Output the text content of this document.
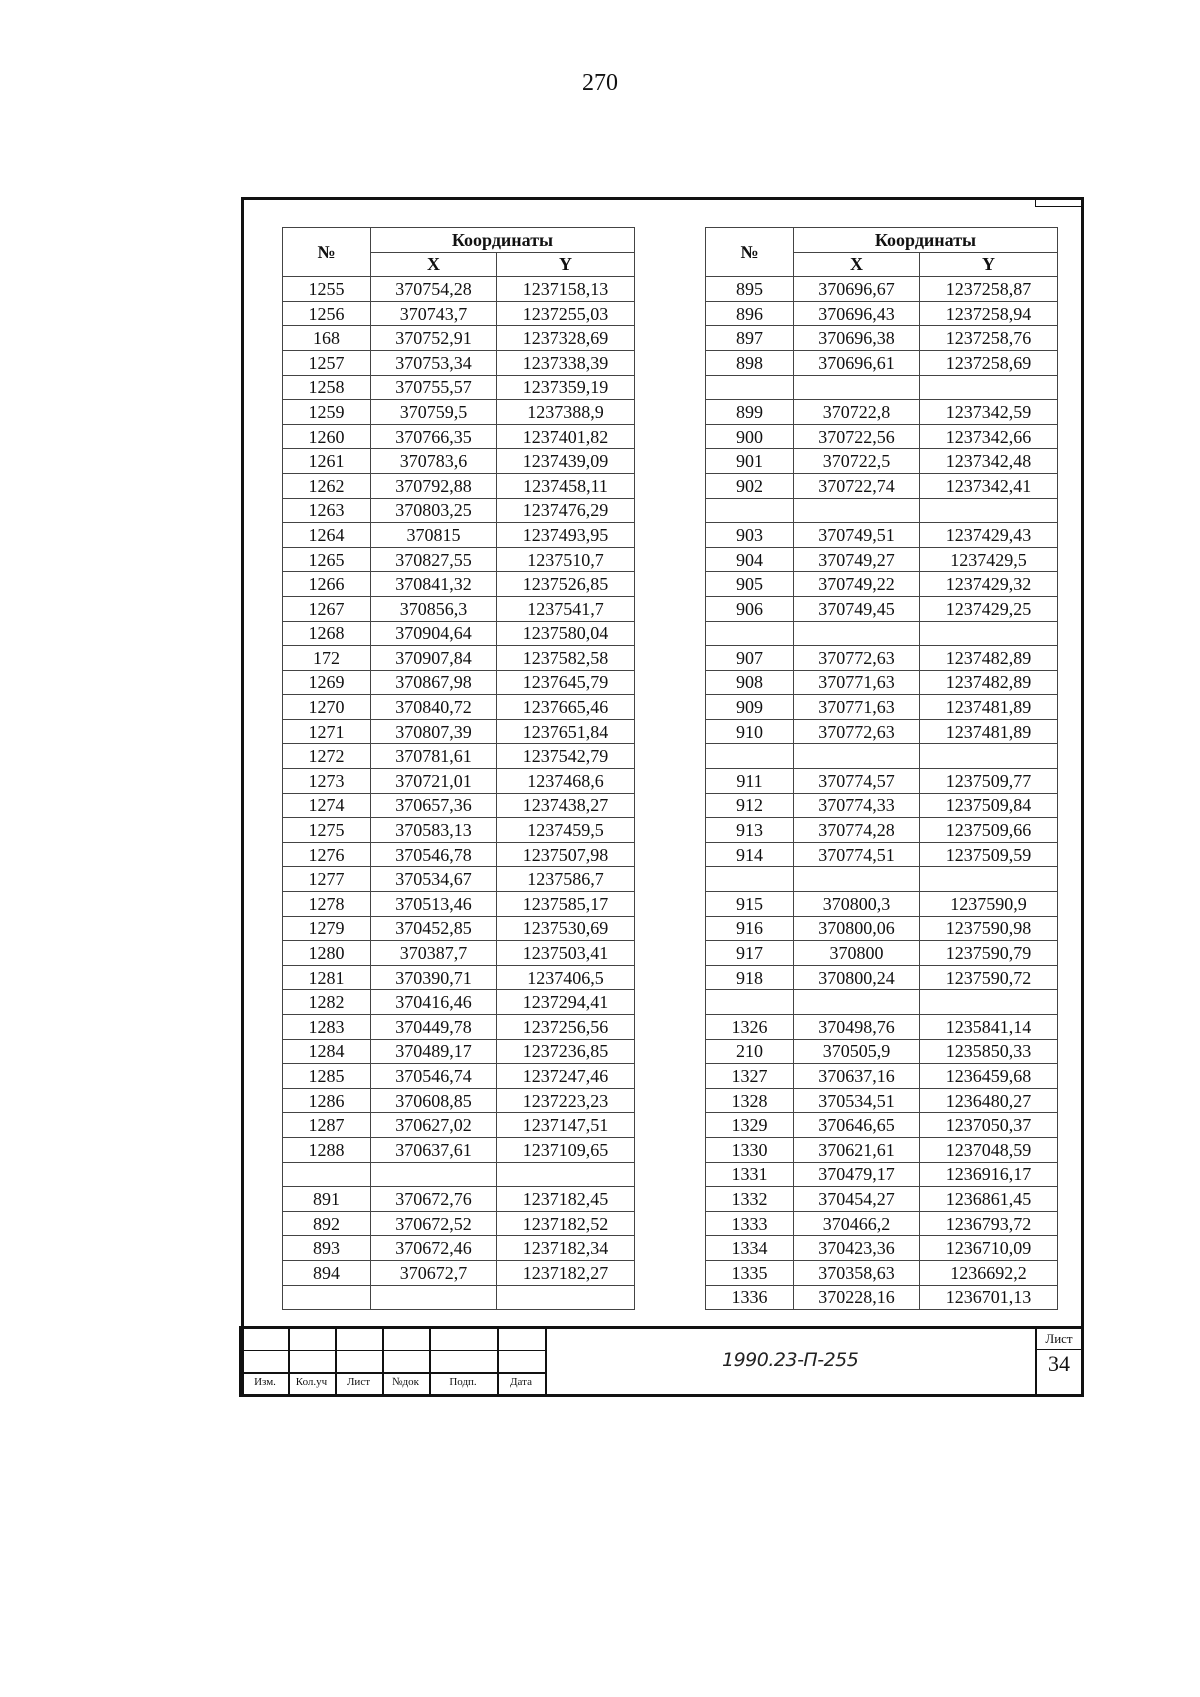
270
№	Координаты	
	X	Y
1255	370754,28	1237158,13
1256	370743,7	1237255,03
168	370752,91	1237328,69
1257	370753,34	1237338,39
1258	370755,57	1237359,19
1259	370759,5	1237388,9
1260	370766,35	1237401,82
1261	370783,6	1237439,09
1262	370792,88	1237458,11
1263	370803,25	1237476,29
1264	370815	1237493,95
1265	370827,55	1237510,7
1266	370841,32	1237526,85
1267	370856,3	1237541,7
1268	370904,64	1237580,04
172	370907,84	1237582,58
1269	370867,98	1237645,79
1270	370840,72	1237665,46
1271	370807,39	1237651,84
1272	370781,61	1237542,79
1273	370721,01	1237468,6
1274	370657,36	1237438,27
1275	370583,13	1237459,5
1276	370546,78	1237507,98
1277	370534,67	1237586,7
1278	370513,46	1237585,17
1279	370452,85	1237530,69
1280	370387,7	1237503,41
1281	370390,71	1237406,5
1282	370416,46	1237294,41
1283	370449,78	1237256,56
1284	370489,17	1237236,85
1285	370546,74	1237247,46
1286	370608,85	1237223,23
1287	370627,02	1237147,51
1288	370637,61	1237109,65

891	370672,76	1237182,45
892	370672,52	1237182,52
893	370672,46	1237182,34
894	370672,7	1237182,27

№	Координаты	
	X	Y
895	370696,67	1237258,87
896	370696,43	1237258,94
897	370696,38	1237258,76
898	370696,61	1237258,69

899	370722,8	1237342,59
900	370722,56	1237342,66
901	370722,5	1237342,48
902	370722,74	1237342,41

903	370749,51	1237429,43
904	370749,27	1237429,5
905	370749,22	1237429,32
906	370749,45	1237429,25

907	370772,63	1237482,89
908	370771,63	1237482,89
909	370771,63	1237481,89
910	370772,63	1237481,89

911	370774,57	1237509,77
912	370774,33	1237509,84
913	370774,28	1237509,66
914	370774,51	1237509,59

915	370800,3	1237590,9
916	370800,06	1237590,98
917	370800	1237590,79
918	370800,24	1237590,72

1326	370498,76	1235841,14
210	370505,9	1235850,33
1327	370637,16	1236459,68
1328	370534,51	1236480,27
1329	370646,65	1237050,37
1330	370621,61	1237048,59
1331	370479,17	1236916,17
1332	370454,27	1236861,45
1333	370466,2	1236793,72
1334	370423,36	1236710,09
1335	370358,63	1236692,2
1336	370228,16	1236701,13
Изм.	Кол.уч	Лист	№док	Подп.	Дата
1990.23-П-255
Лист
34
